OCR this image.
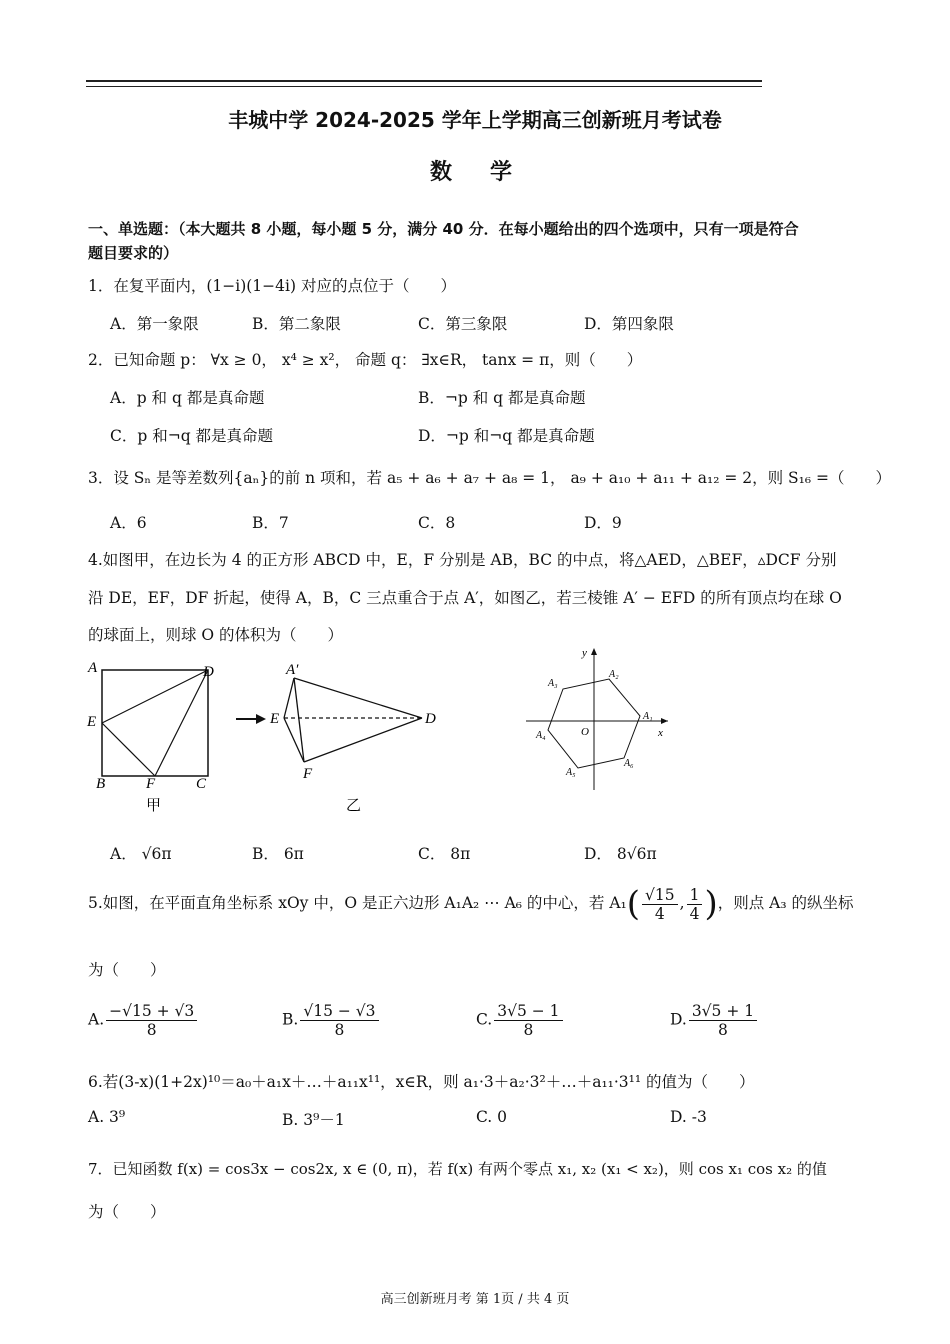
丰城中学 2024-2025 学年上学期高三创新班月考试卷
数　学
一、单选题：（本大题共 8 小题，每小题 5 分，满分 40 分．在每小题给出的四个选项中，只有一项是符合
题目要求的）
1．在复平面内，(1−i)(1−4i) 对应的点位于（　　）
A．第一象限	B．第二象限	C．第三象限	D．第四象限
2．已知命题 p： ∀x ≥ 0， x⁴ ≥ x²， 命题 q： ∃x∈R， tanx = π，则（　　）
A．p 和 q 都是真命题	B．¬p 和 q 都是真命题
C．p 和¬q 都是真命题	D．¬p 和¬q 都是真命题
3．设 Sₙ 是等差数列{aₙ}的前 n 项和，若 a₅ + a₆ + a₇ + a₈ = 1， a₉ + a₁₀ + a₁₁ + a₁₂ = 2，则 S₁₆ =（　　）
A．6	B．7	C．8	D．9
4.如图甲，在边长为 4 的正方形 ABCD 中，E，F 分别是 AB，BC 的中点，将△AED，△BEF，▵DCF 分别
沿 DE，EF，DF 折起，使得 A，B，C 三点重合于点 A′，如图乙，若三棱锥 A′ − EFD 的所有顶点均在球 O
的球面上，则球 O 的体积为（　　）
A	D
E
B	F	C
甲
A′
E	D
F
乙
A₁
A₂
A₃
A₄
A₅
A₆
O	x
y
A． √6π	B． 6π	C． 8π	D． 8√6π
5.如图，在平面直角坐标系 xOy 中，O 是正六边形 A₁A₂ ⋯ A₆ 的中心，若 $A_1( \frac{√15}{4}$ , $\frac{1}{4}$ )，则点 A₃ 的纵坐标
为（　　）
A. $\frac{-√15 + √3}{8}$	B. $\frac{√15 - √3}{8}$	C. $\frac{3√5 - 1}{8}$	D. $\frac{3√5 + 1}{8}$
6.若(3-x)(1+2x)¹⁰＝a₀＋a₁x＋…＋a₁₁x¹¹，x∈R，则 a₁·3＋a₂·3²＋…＋a₁₁·3¹¹ 的值为（　　）
A. 3⁹	B. 3⁹－1	C. 0	D. -3
7．已知函数 f(x) = cos3x − cos2x, x ∈ (0, π)，若 f(x) 有两个零点 x₁, x₂ (x₁ < x₂)，则 cos x₁ cos x₂ 的值
为（　　）
高三创新班月考 第 1页 / 共 4 页
